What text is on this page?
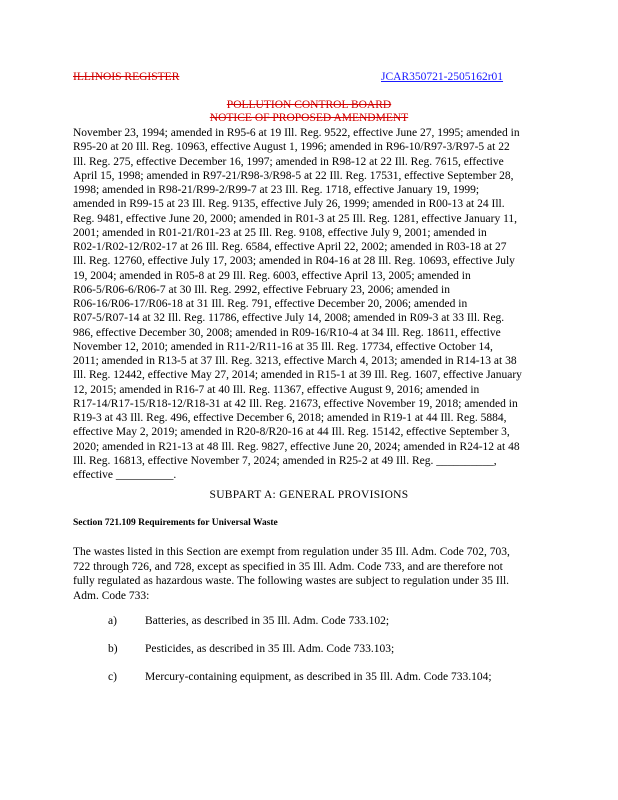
ILLINOIS REGISTER	JCAR350721-2505162r01
POLLUTION CONTROL BOARD
NOTICE OF PROPOSED AMENDMENT

November 23, 1994; amended in R95-6 at 19 Ill. Reg. 9522, effective June 27, 1995; amended in
R95-20 at 20 Ill. Reg. 10963, effective August 1, 1996; amended in R96-10/R97-3/R97-5 at 22
Ill. Reg. 275, effective December 16, 1997; amended in R98-12 at 22 Ill. Reg. 7615, effective
April 15, 1998; amended in R97-21/R98-3/R98-5 at 22 Ill. Reg. 17531, effective September 28,
1998; amended in R98-21/R99-2/R99-7 at 23 Ill. Reg. 1718, effective January 19, 1999;
amended in R99-15 at 23 Ill. Reg. 9135, effective July 26, 1999; amended in R00-13 at 24 Ill.
Reg. 9481, effective June 20, 2000; amended in R01-3 at 25 Ill. Reg. 1281, effective January 11,
2001; amended in R01-21/R01-23 at 25 Ill. Reg. 9108, effective July 9, 2001; amended in
R02-1/R02-12/R02-17 at 26 Ill. Reg. 6584, effective April 22, 2002; amended in R03-18 at 27
Ill. Reg. 12760, effective July 17, 2003; amended in R04-16 at 28 Ill. Reg. 10693, effective July
19, 2004; amended in R05-8 at 29 Ill. Reg. 6003, effective April 13, 2005; amended in
R06-5/R06-6/R06-7 at 30 Ill. Reg. 2992, effective February 23, 2006; amended in
R06-16/R06-17/R06-18 at 31 Ill. Reg. 791, effective December 20, 2006; amended in
R07-5/R07-14 at 32 Ill. Reg. 11786, effective July 14, 2008; amended in R09-3 at 33 Ill. Reg.
986, effective December 30, 2008; amended in R09-16/R10-4 at 34 Ill. Reg. 18611, effective
November 12, 2010; amended in R11-2/R11-16 at 35 Ill. Reg. 17734, effective October 14,
2011; amended in R13-5 at 37 Ill. Reg. 3213, effective March 4, 2013; amended in R14-13 at 38
Ill. Reg. 12442, effective May 27, 2014; amended in R15-1 at 39 Ill. Reg. 1607, effective January
12, 2015; amended in R16-7 at 40 Ill. Reg. 11367, effective August 9, 2016; amended in
R17-14/R17-15/R18-12/R18-31 at 42 Ill. Reg. 21673, effective November 19, 2018; amended in
R19-3 at 43 Ill. Reg. 496, effective December 6, 2018; amended in R19-1 at 44 Ill. Reg. 5884,
effective May 2, 2019; amended in R20-8/R20-16 at 44 Ill. Reg. 15142, effective September 3,
2020; amended in R21-13 at 48 Ill. Reg. 9827, effective June 20, 2024; amended in R24-12 at 48
Ill. Reg. 16813, effective November 7, 2024; amended in R25-2 at 49 Ill. Reg. __________,
effective __________.

SUBPART A: GENERAL PROVISIONS
Section 721.109 Requirements for Universal Waste
The wastes listed in this Section are exempt from regulation under 35 Ill. Adm. Code 702, 703,
722 through 726, and 728, except as specified in 35 Ill. Adm. Code 733, and are therefore not
fully regulated as hazardous waste. The following wastes are subject to regulation under 35 Ill.
Adm. Code 733:
a) Batteries, as described in 35 Ill. Adm. Code 733.102;
b) Pesticides, as described in 35 Ill. Adm. Code 733.103;
c) Mercury-containing equipment, as described in 35 Ill. Adm. Code 733.104;
